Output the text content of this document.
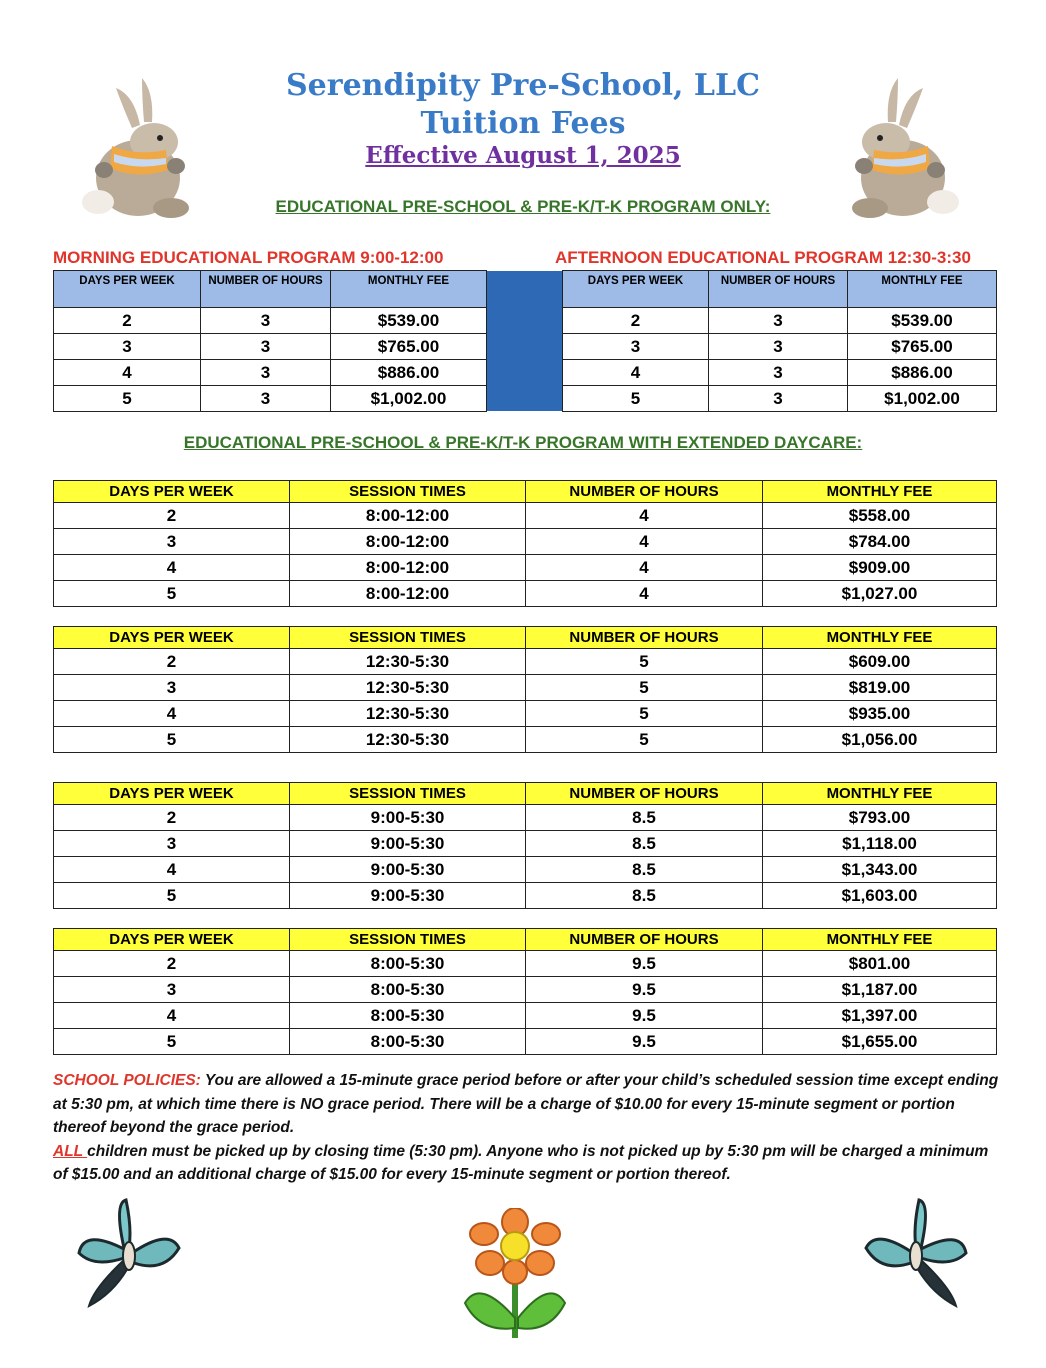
Serendipity Pre-School, LLC
Tuition Fees
Effective August 1, 2025
EDUCATIONAL PRE-SCHOOL & PRE-K/T-K PROGRAM ONLY:
MORNING EDUCATIONAL PROGRAM 9:00-12:00	AFTERNOON EDUCATIONAL PROGRAM 12:30-3:30
DAYS PER WEEK	NUMBER OF HOURS	MONTHLY FEE
2	3	$539.00
3	3	$765.00
4	3	$886.00
5	3	$1,002.00
DAYS PER WEEK	NUMBER OF HOURS	MONTHLY FEE
2	3	$539.00
3	3	$765.00
4	3	$886.00
5	3	$1,002.00
EDUCATIONAL PRE-SCHOOL & PRE-K/T-K PROGRAM WITH EXTENDED DAYCARE:
DAYS PER WEEK	SESSION TIMES	NUMBER OF HOURS	MONTHLY FEE
2	8:00-12:00	4	$558.00
3	8:00-12:00	4	$784.00
4	8:00-12:00	4	$909.00
5	8:00-12:00	4	$1,027.00
DAYS PER WEEK	SESSION TIMES	NUMBER OF HOURS	MONTHLY FEE
2	12:30-5:30	5	$609.00
3	12:30-5:30	5	$819.00
4	12:30-5:30	5	$935.00
5	12:30-5:30	5	$1,056.00
DAYS PER WEEK	SESSION TIMES	NUMBER OF HOURS	MONTHLY FEE
2	9:00-5:30	8.5	$793.00
3	9:00-5:30	8.5	$1,118.00
4	9:00-5:30	8.5	$1,343.00
5	9:00-5:30	8.5	$1,603.00
DAYS PER WEEK	SESSION TIMES	NUMBER OF HOURS	MONTHLY FEE
2	8:00-5:30	9.5	$801.00
3	8:00-5:30	9.5	$1,187.00
4	8:00-5:30	9.5	$1,397.00
5	8:00-5:30	9.5	$1,655.00
SCHOOL POLICIES: You are allowed a 15-minute grace period before or after your child’s scheduled session time except ending at 5:30 pm, at which time there is NO grace period. There will be a charge of $10.00 for every 15-minute segment or portion thereof beyond the grace period.
ALL children must be picked up by closing time (5:30 pm). Anyone who is not picked up by 5:30 pm will be charged a minimum of $15.00 and an additional charge of $15.00 for every 15-minute segment or portion thereof.
